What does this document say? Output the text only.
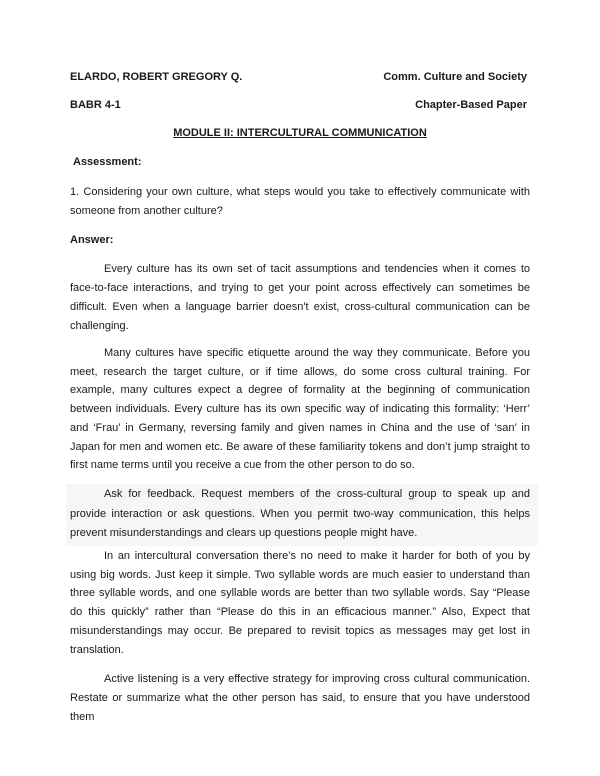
ELARDO, ROBERT GREGORY Q.	Comm. Culture and Society
BABR 4-1	Chapter-Based Paper
MODULE II: INTERCULTURAL COMMUNICATION
Assessment:

1. Considering your own culture, what steps would you take to effectively communicate with someone from another culture?

Answer:

Every culture has its own set of tacit assumptions and tendencies when it comes to face-to-face interactions, and trying to get your point across effectively can sometimes be difficult. Even when a language barrier doesn't exist, cross-cultural communication can be challenging.

Many cultures have specific etiquette around the way they communicate. Before you meet, research the target culture, or if time allows, do some cross cultural training. For example, many cultures expect a degree of formality at the beginning of communication between individuals. Every culture has its own specific way of indicating this formality: ‘Herr’ and ‘Frau’ in Germany, reversing family and given names in China and the use of ‘san’ in Japan for men and women etc. Be aware of these familiarity tokens and don’t jump straight to first name terms until you receive a cue from the other person to do so.

Ask for feedback. Request members of the cross-cultural group to speak up and provide interaction or ask questions. When you permit two-way communication, this helps prevent misunderstandings and clears up questions people might have.

In an intercultural conversation there’s no need to make it harder for both of you by using big words. Just keep it simple. Two syllable words are much easier to understand than three syllable words, and one syllable words are better than two syllable words. Say “Please do this quickly” rather than “Please do this in an efficacious manner.” Also, Expect that misunderstandings may occur. Be prepared to revisit topics as messages may get lost in translation.

Active listening is a very effective strategy for improving cross cultural communication. Restate or summarize what the other person has said, to ensure that you have understood them
